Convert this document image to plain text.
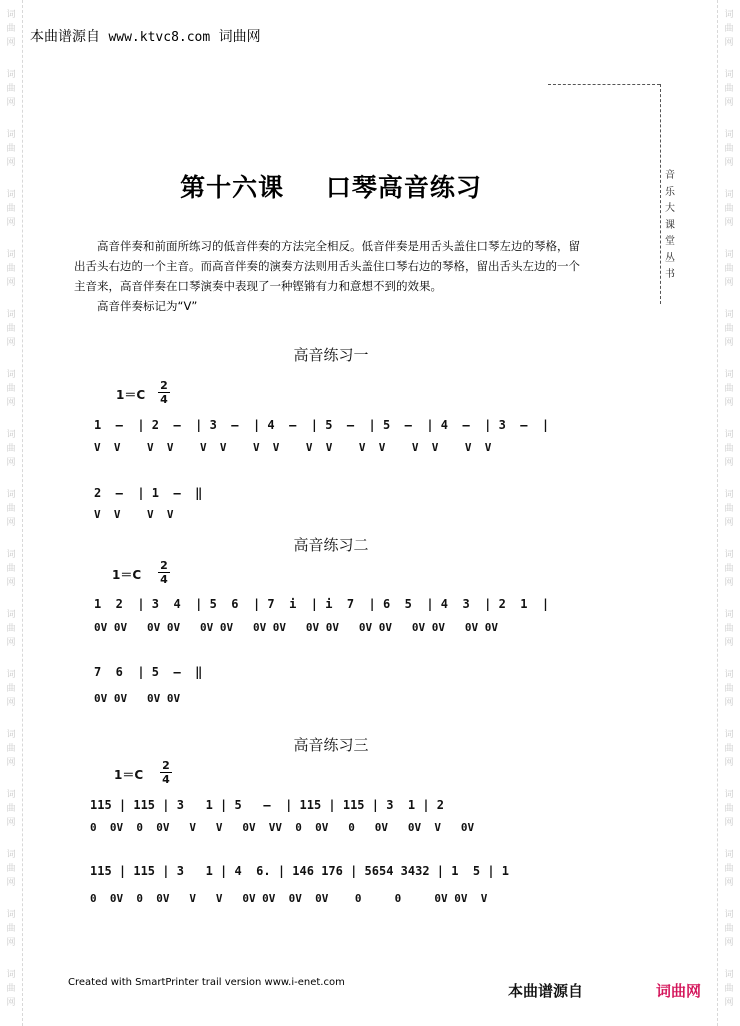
词
曲
网
词
曲
网
词
曲
网
词
曲
网
词
曲
网
词
曲
网
词
曲
网
词
曲
网
词
曲
网
词
曲
网
词
曲
网
词
曲
网
词
曲
网
词
曲
网
词
曲
网
词
曲
网
词
曲
网
词
曲
网
词
曲
网
词
曲
网
词
曲
网
词
曲
网
词
曲
网
词
曲
网
词
曲
网
词
曲
网
词
曲
网
词
曲
网
词
曲
网
词
曲
网
词
曲
网
词
曲
网
词
曲
网
词
曲
网
本曲谱源自 www.ktvc8.com 词曲网
音
乐
大
课
堂
丛
书
第十六课 口琴高音练习

高音伴奏和前面所练习的低音伴奏的方法完全相反。低音伴奏是用舌头盖住口琴左边的琴格，留出舌头右边的一个主音。而高音伴奏的演奏方法则用舌头盖住口琴右边的琴格，留出舌头左边的一个主音来，高音伴奏在口琴演奏中表现了一种铿锵有力和意想不到的效果。

高音伴奏标记为“V”

高音练习一
1＝C
2
4
1  –  | 2  –  | 3  –  | 4  –  | 5  –  | 5  –  | 4  –  | 3  –  |
V  V    V  V    V  V    V  V    V  V    V  V    V  V    V  V
2  –  | 1  –  ‖
V  V    V  V
高音练习二
1＝C
2
4
1  2  | 3  4  | 5  6  | 7  i  | i  7  | 6  5  | 4  3  | 2  1  |
0V 0V   0V 0V   0V 0V   0V 0V   0V 0V   0V 0V   0V 0V   0V 0V
7  6  | 5  –  ‖
0V 0V   0V 0V
高音练习三
1＝C
2
4
115 | 115 | 3   1 | 5   –  | 115 | 115 | 3  1 | 2
0  0V  0  0V   V   V   0V  VV  0  0V   0   0V   0V  V   0V
115 | 115 | 3   1 | 4  6. | 146 176 | 5654 3432 | 1  5 | 1
0  0V  0  0V   V   V   0V 0V  0V  0V    0     0     0V 0V  V
Created with SmartPrinter trail version www.i-enet.com	本曲谱源自	词曲网
